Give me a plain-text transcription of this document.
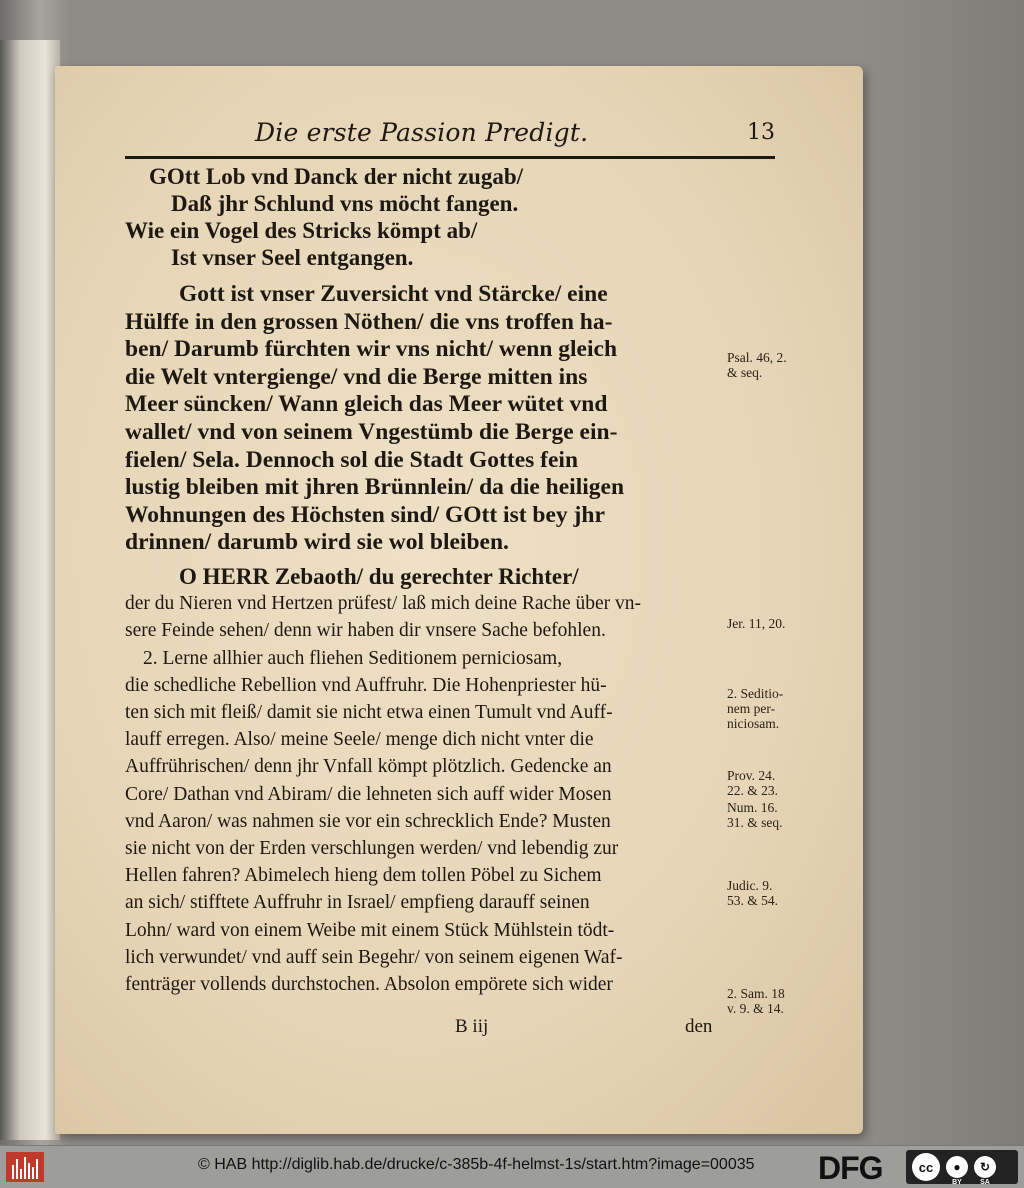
Die erste Passion Predigt.	13
GOtt Lob vnd Danck der nicht zugab/
Daß jhr Schlund vns möcht fangen.
Wie ein Vogel des Stricks kömpt ab/
Ist vnser Seel entgangen.
Gott ist vnser Zuversicht vnd Stärcke/ eine
Hülffe in den grossen Nöthen/ die vns troffen ha-
ben/ Darumb fürchten wir vns nicht/ wenn gleich
die Welt vntergienge/ vnd die Berge mitten ins
Meer süncken/ Wann gleich das Meer wütet vnd
wallet/ vnd von seinem Vngestümb die Berge ein-
fielen/ Sela. Dennoch sol die Stadt Gottes fein
lustig bleiben mit jhren Brünnlein/ da die heiligen
Wohnungen des Höchsten sind/ GOtt ist bey jhr
drinnen/ darumb wird sie wol bleiben.
O HERR Zebaoth/ du gerechter Richter/
der du Nieren vnd Hertzen prüfest/ laß mich deine Rache über vn-
sere Feinde sehen/ denn wir haben dir vnsere Sache befohlen.
2. Lerne allhier auch fliehen Seditionem perniciosam,
die schedliche Rebellion vnd Auffruhr. Die Hohenpriester hü-
ten sich mit fleiß/ damit sie nicht etwa einen Tumult vnd Auff-
lauff erregen. Also/ meine Seele/ menge dich nicht vnter die
Auffrührischen/ denn jhr Vnfall kömpt plötzlich. Gedencke an
Core/ Dathan vnd Abiram/ die lehneten sich auff wider Mosen
vnd Aaron/ was nahmen sie vor ein schrecklich Ende? Musten
sie nicht von der Erden verschlungen werden/ vnd lebendig zur
Hellen fahren? Abimelech hieng dem tollen Pöbel zu Sichem
an sich/ stifftete Auffruhr in Israel/ empfieng darauff seinen
Lohn/ ward von einem Weibe mit einem Stück Mühlstein tödt-
lich verwundet/ vnd auff sein Begehr/ von seinem eigenen Waf-
fenträger vollends durchstochen. Absolon empörete sich wider
Psal. 46, 2.
& seq.
Jer. 11, 20.
2. Seditio-
nem per-
niciosam.
Prov. 24.
22. & 23.
Num. 16.
31. & seq.
Judic. 9.
53. & 54.
2. Sam. 18
v. 9. & 14.
B iij	den
© HAB http://diglib.hab.de/drucke/c-385b-4f-helmst-1s/start.htm?image=00035 DFG	cc	●
BY
↻
SA
